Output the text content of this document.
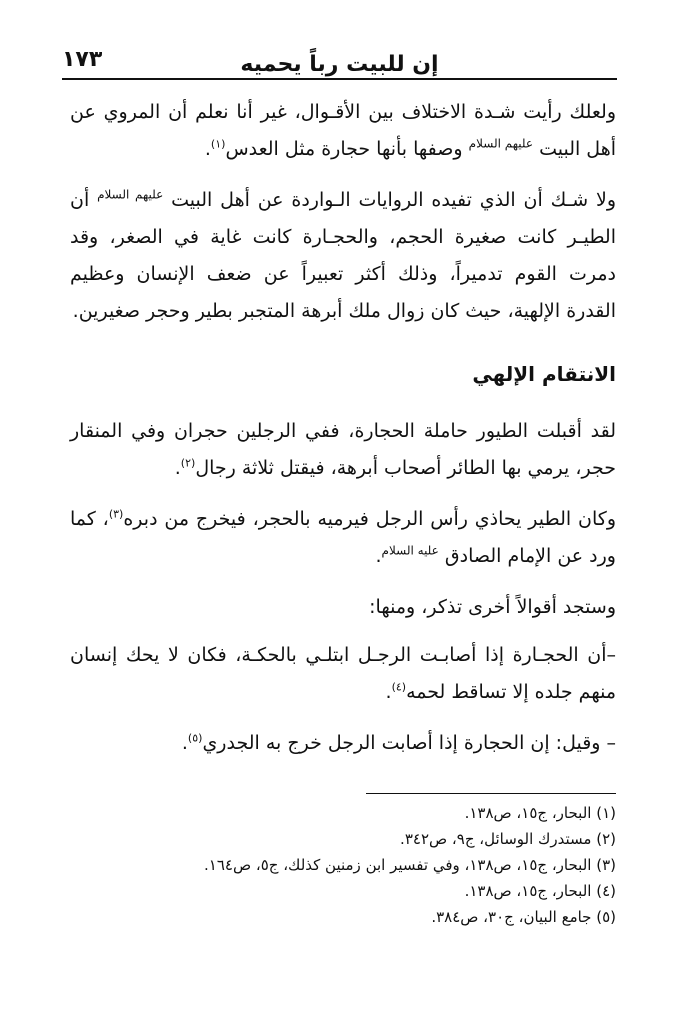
إن للبيت رباً يحميه
١٧٣

ولعلك رأيت شـدة الاختلاف بين الأقـوال، غير أنا نعلم أن المروي عن أهل البيت $^{عليهم السلام}$ وصفها بأنها حجارة مثل العدس$^{(١)}$.

ولا شـك أن الذي تفيده الروايات الـواردة عن أهل البيت $^{عليهم السلام}$ أن الطيـر كانت صغيرة الحجم، والحجـارة كانت غاية في الصغر، وقد دمرت القوم تدميراً، وذلك أكثر تعبيراً عن ضعف الإنسان وعظيم القدرة الإلهية، حيث كان زوال ملك أبرهة المتجبر بطير وحجر صغيرين.

الانتقام الإلهي

لقد أقبلت الطيور حاملة الحجارة، ففي الرجلين حجران وفي المنقار حجر، يرمي بها الطائر أصحاب أبرهة، فيقتل ثلاثة رجال$^{(٢)}$.

وكان الطير يحاذي رأس الرجل فيرميه بالحجر، فيخرج من دبره$^{(٣)}$، كما ورد عن الإمام الصادق $^{عليه السلام}$.

وستجد أقوالاً أخرى تذكر، ومنها:

–أن الحجـارة إذا أصابـت الرجـل ابتلـي بالحكـة، فكان لا يحك إنسان منهم جلده إلا تساقط لحمه$^{(٤)}$.

– وقيل: إن الحجارة إذا أصابت الرجل خرج به الجدري$^{(٥)}$.

(١) البحار، ج١٥، ص١٣٨.
(٢) مستدرك الوسائل، ج٩، ص٣٤٢.
(٣) البحار، ج١٥، ص١٣٨، وفي تفسير ابن زمنين كذلك، ج٥، ص١٦٤.
(٤) البحار، ج١٥، ص١٣٨.
(٥) جامع البيان، ج٣٠، ص٣٨٤.
